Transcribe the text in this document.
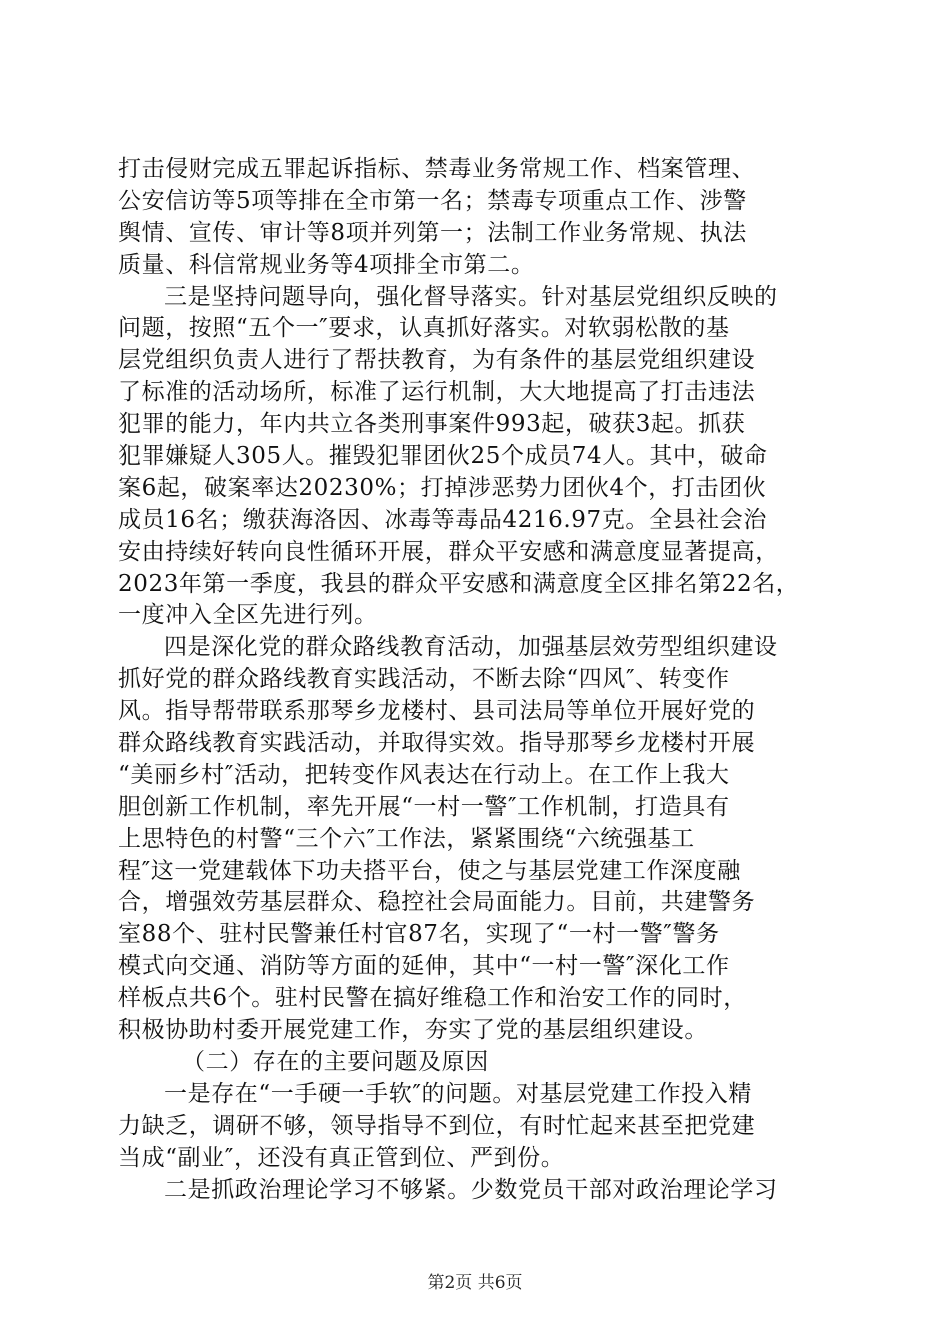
打击侵财完成五罪起诉指标、禁毒业务常规工作、档案管理、
公安信访等5项等排在全市第一名；禁毒专项重点工作、涉警
舆情、宣传、审计等8项并列第一；法制工作业务常规、执法
质量、科信常规业务等4项排全市第二。
三是坚持问题导向，强化督导落实。针对基层党组织反映的
问题，按照“五个一″要求，认真抓好落实。对软弱松散的基
层党组织负责人进行了帮扶教育，为有条件的基层党组织建设
了标准的活动场所，标准了运行机制，大大地提高了打击违法
犯罪的能力，年内共立各类刑事案件993起，破获3起。抓获
犯罪嫌疑人305人。摧毁犯罪团伙25个成员74人。其中，破命
案6起，破案率达20230%；打掉涉恶势力团伙4个，打击团伙
成员16名；缴获海洛因、冰毒等毒品4216.97克。全县社会治
安由持续好转向良性循环开展，群众平安感和满意度显著提高，
2023年第一季度，我县的群众平安感和满意度全区排名第22名，
一度冲入全区先进行列。
四是深化党的群众路线教育活动，加强基层效劳型组织建设
抓好党的群众路线教育实践活动，不断去除“四风″、转变作
风。指导帮带联系那琴乡龙楼村、县司法局等单位开展好党的
群众路线教育实践活动，并取得实效。指导那琴乡龙楼村开展
“美丽乡村″活动，把转变作风表达在行动上。在工作上我大
胆创新工作机制，率先开展“一村一警″工作机制，打造具有
上思特色的村警“三个六″工作法，紧紧围绕“六统强基工
程″这一党建载体下功夫搭平台，使之与基层党建工作深度融
合，增强效劳基层群众、稳控社会局面能力。目前，共建警务
室88个、驻村民警兼任村官87名，实现了“一村一警″警务
模式向交通、消防等方面的延伸，其中“一村一警″深化工作
样板点共6个。驻村民警在搞好维稳工作和治安工作的同时，
积极协助村委开展党建工作，夯实了党的基层组织建设。
（二）存在的主要问题及原因
一是存在“一手硬一手软″的问题。对基层党建工作投入精
力缺乏，调研不够，领导指导不到位，有时忙起来甚至把党建
当成“副业″，还没有真正管到位、严到份。
二是抓政治理论学习不够紧。少数党员干部对政治理论学习
第2页 共6页
